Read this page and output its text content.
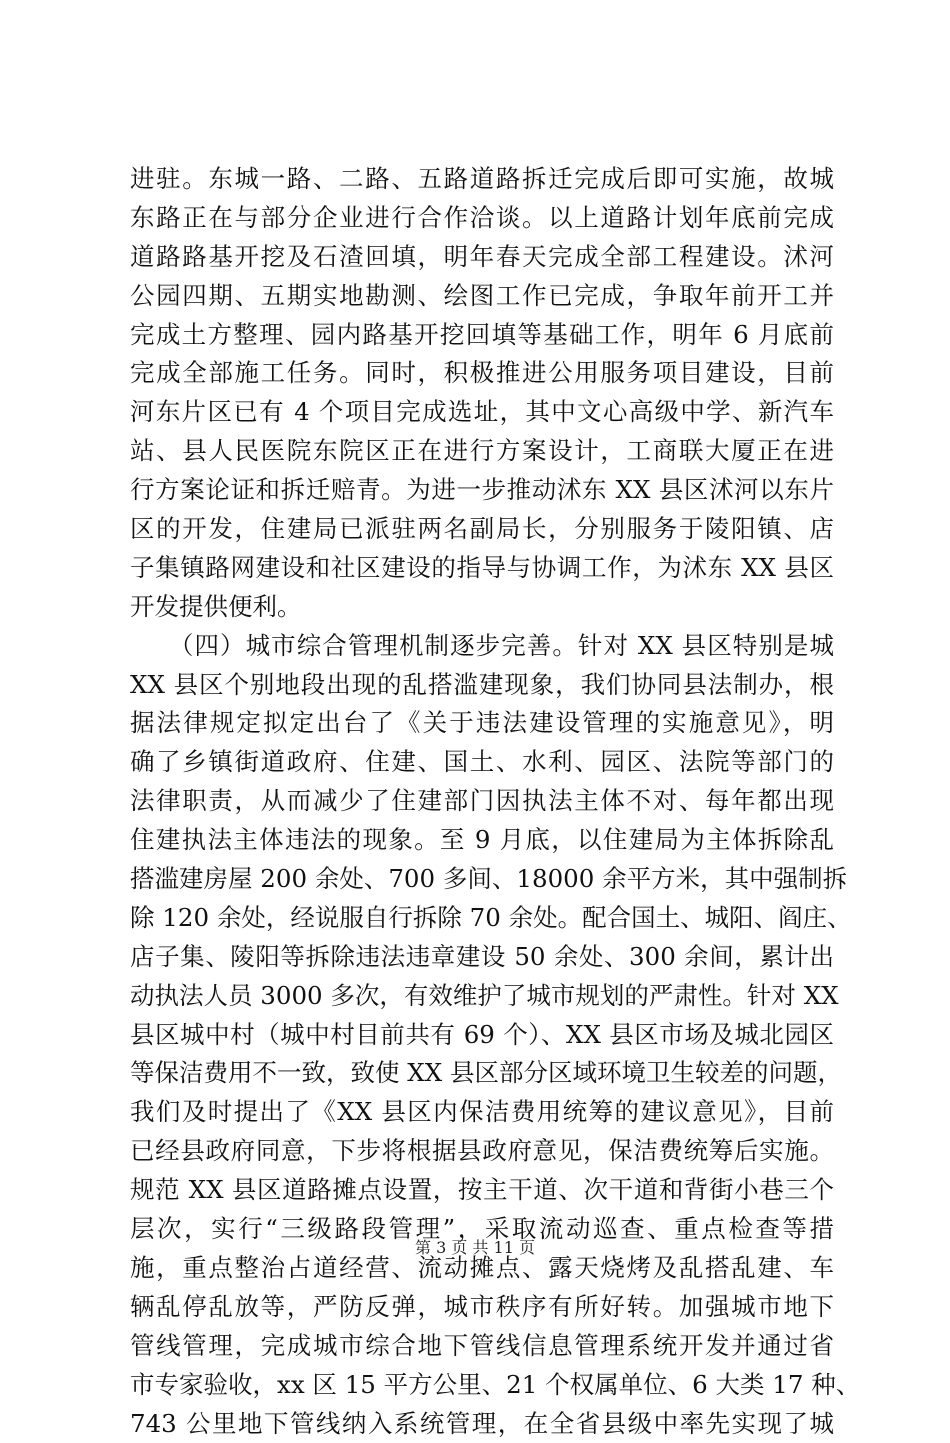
进驻。东城一路、二路、五路道路拆迁完成后即可实施，故城
东路正在与部分企业进行合作洽谈。以上道路计划年底前完成
道路路基开挖及石渣回填，明年春天完成全部工程建设。沭河
公园四期、五期实地勘测、绘图工作已完成，争取年前开工并
完成土方整理、园内路基开挖回填等基础工作，明年 6 月底前
完成全部施工任务。同时，积极推进公用服务项目建设，目前
河东片区已有 4 个项目完成选址，其中文心高级中学、新汽车
站、县人民医院东院区正在进行方案设计，工商联大厦正在进
行方案论证和拆迁赔青。为进一步推动沭东 XX 县区沭河以东片
区的开发，住建局已派驻两名副局长，分别服务于陵阳镇、店
子集镇路网建设和社区建设的指导与协调工作，为沭东 XX 县区
开发提供便利。
　　（四）城市综合管理机制逐步完善。针对 XX 县区特别是城
XX 县区个别地段出现的乱搭滥建现象，我们协同县法制办，根
据法律规定拟定出台了《关于违法建设管理的实施意见》，明
确了乡镇街道政府、住建、国土、水利、园区、法院等部门的
法律职责，从而减少了住建部门因执法主体不对、每年都出现
住建执法主体违法的现象。至 9 月底，以住建局为主体拆除乱
搭滥建房屋 200 余处、700 多间、18000 余平方米，其中强制拆
除 120 余处，经说服自行拆除 70 余处。配合国土、城阳、阎庄、
店子集、陵阳等拆除违法违章建设 50 余处、300 余间，累计出
动执法人员 3000 多次，有效维护了城市规划的严肃性。针对 XX
县区城中村（城中村目前共有 69 个）、XX 县区市场及城北园区
等保洁费用不一致，致使 XX 县区部分区域环境卫生较差的问题，
我们及时提出了《XX 县区内保洁费用统筹的建议意见》，目前
已经县政府同意，下步将根据县政府意见，保洁费统筹后实施。
规范 XX 县区道路摊点设置，按主干道、次干道和背街小巷三个
层次，实行“三级路段管理”，采取流动巡查、重点检查等措
施，重点整治占道经营、流动摊点、露天烧烤及乱搭乱建、车
辆乱停乱放等，严防反弹，城市秩序有所好转。加强城市地下
管线管理，完成城市综合地下管线信息管理系统开发并通过省
市专家验收，xx 区 15 平方公里、21 个权属单位、6 大类 17 种、
743 公里地下管线纳入系统管理，在全省县级中率先实现了城
第 3 页 共 11 页
